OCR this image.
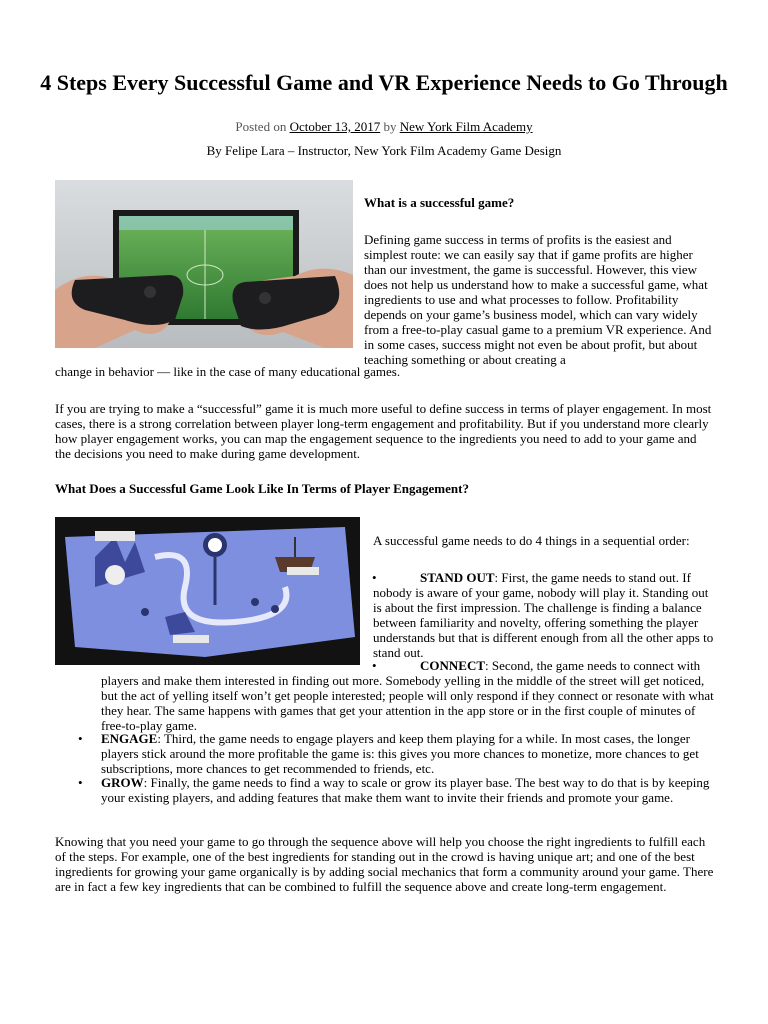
4 Steps Every Successful Game and VR Experience Needs to Go Through
Posted on October 13, 2017 by New York Film Academy
By Felipe Lara – Instructor, New York Film Academy Game Design
What is a successful game?

Defining game success in terms of profits is the easiest and simplest route: we can easily say that if game profits are higher than our investment, the game is successful. However, this view does not help us understand how to make a successful game, what ingredients to use and what processes to follow. Profitability depends on your game’s business model, which can vary widely from a free-to-play casual game to a premium VR experience. And in some cases, success might not even be about profit, but about teaching something or about creating a

change in behavior — like in the case of many educational games.

If you are trying to make a “successful” game it is much more useful to define success in terms of player engagement. In most cases, there is a strong correlation between player long-term engagement and profitability. But if you understand more clearly how player engagement works, you can map the engagement sequence to the ingredients you need to add to your game and the decisions you need to make during game development.

What Does a Successful Game Look Like In Terms of Player Engagement?

A successful game needs to do 4 things in a sequential order:

•	STAND OUT: First, the game needs to stand out. If nobody is aware of your game, nobody will play it. Standing out is about the first impression. The challenge is finding a balance between familiarity and novelty, offering something the player understands but that is different enough from all the other apps to stand out.

•	CONNECT: Second, the game needs to connect with

players and make them interested in finding out more. Somebody yelling in the middle of the street will get noticed, but the act of yelling itself won’t get people interested; people will only respond if they connect or resonate with what they hear. The same happens with games that get your attention in the app store or in the first couple of minutes of free-to-play game.

• ENGAGE: Third, the game needs to engage players and keep them playing for a while. In most cases, the longer players stick around the more profitable the game is: this gives you more chances to monetize, more chances to get subscriptions, more chances to get recommended to friends, etc.

• GROW: Finally, the game needs to find a way to scale or grow its player base. The best way to do that is by keeping your existing players, and adding features that make them want to invite their friends and promote your game.

Knowing that you need your game to go through the sequence above will help you choose the right ingredients to fulfill each of the steps. For example, one of the best ingredients for standing out in the crowd is having unique art; and one of the best ingredients for growing your game organically is by adding social mechanics that form a community around your game. There are in fact a few key ingredients that can be combined to fulfill the sequence above and create long-term engagement.
